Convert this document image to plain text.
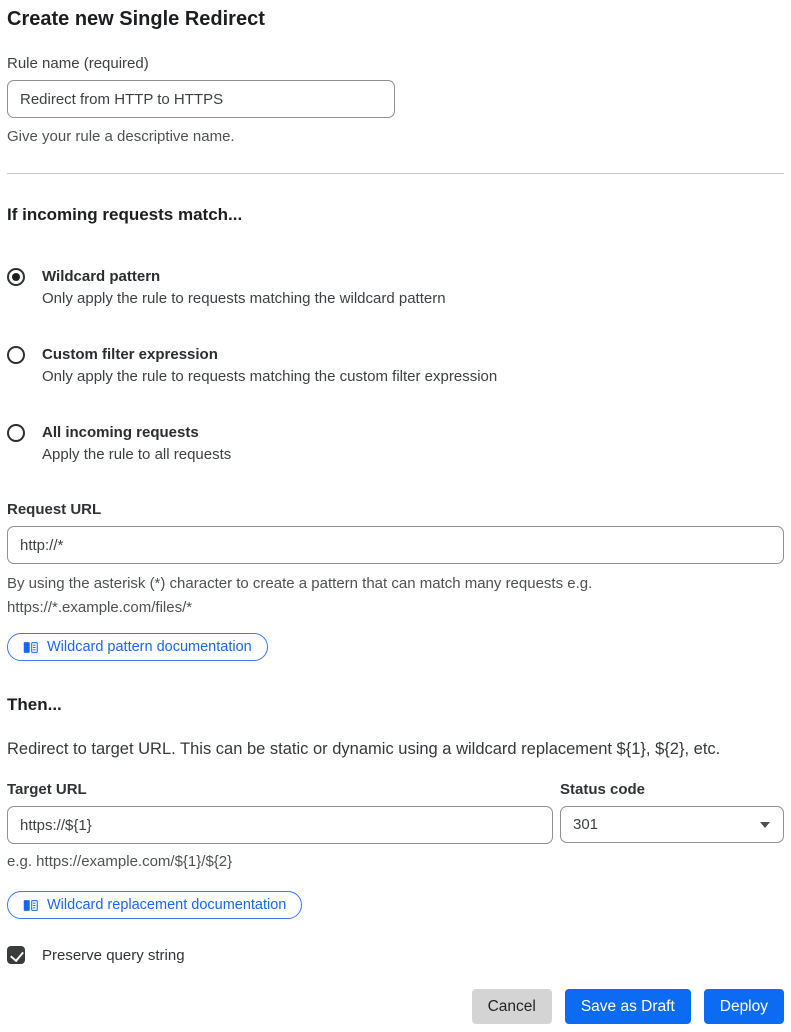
Create new Single Redirect
Rule name (required)
Redirect from HTTP to HTTPS
Give your rule a descriptive name.
If incoming requests match...
Wildcard pattern
Only apply the rule to requests matching the wildcard pattern
Custom filter expression
Only apply the rule to requests matching the custom filter expression
All incoming requests
Apply the rule to all requests
Request URL
http://*
By using the asterisk (*) character to create a pattern that can match many requests e.g.
https://*.example.com/files/*
Wildcard pattern documentation
Then...

Redirect to target URL. This can be static or dynamic using a wildcard replacement ${1}, ${2}, etc.

Target URL
https://${1}	Status code
301
e.g. https://example.com/${1}/${2}
Wildcard replacement documentation
Preserve query string
Cancel	Save as Draft	Deploy
